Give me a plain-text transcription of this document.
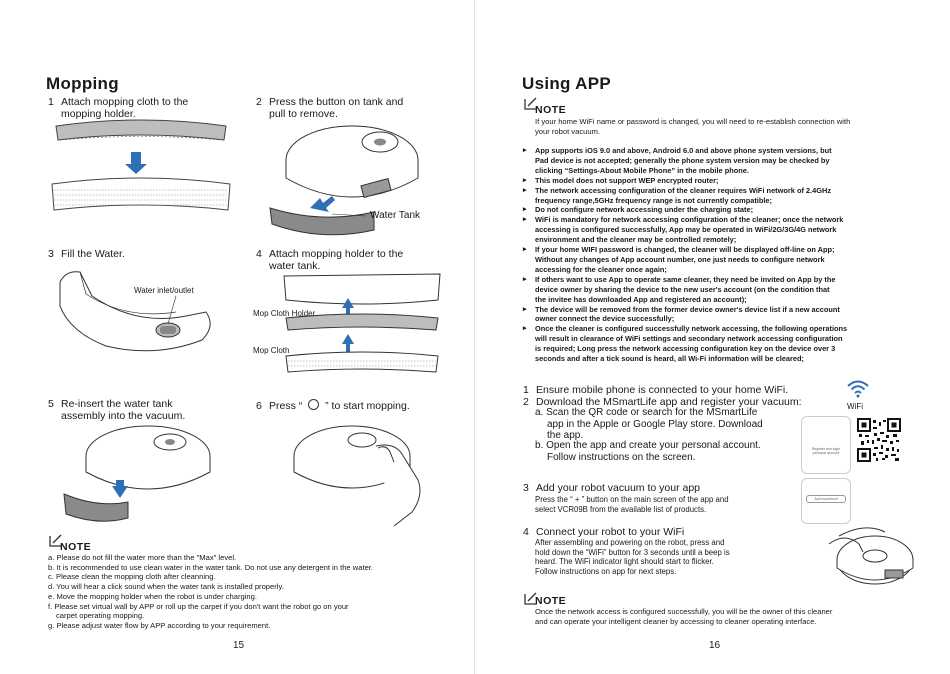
Mopping
1 Attach mopping cloth to the
mopping holder.
2 Press the button on tank and
pull to remove.
Water Tank
3 Fill the Water.
Water inlet/outlet
4 Attach mopping holder to the
water tank.
Mop Cloth Holder
Mop Cloth
5 Re-insert the water tank
assembly into the vacuum.
6 Press “ ” to start mopping.
NOTE
a. Please do not fill the water more than the "Max" level.
b. It is recommended to use clean water in the water tank. Do not use any detergent in the water.
c. Please clean the mopping cloth after cleanning.
d. You will hear a click sound when the water tank is installed properly.
e. Move the mopping holder when the robot is under charging.
f. Please set virtual wall by APP or roll up the carpet if you don't want the robot go on your
carpet operating mopping.
g. Please adjust water flow by APP according to your requirement.
15
Using APP
NOTE
If your home WiFi name or password is changed, you will need to re-establish connection with
your robot vacuum.
▸ App supports iOS 9.0 and above, Android 6.0 and above phone system versions, but
Pad device is not accepted; generally the phone system version may be checked by
clicking “Settings-About Mobile Phone” in the mobile phone.
▸ This model does not support WEP encrypted router;
▸ The network accessing configuration of the cleaner requires WiFi network of 2.4GHz
frequency range,5GHz frequency range is not currently compatible;
▸ Do not configure network accessing under the charging state;
▸ WiFi is mandatory for network accessing configuration of the cleaner; once the network
accessing is configured successfully, App may be operated in WiFi/2G/3G/4G network
environment and the cleaner may be controlled remotely;
▸ If your home WIFI password is changed, the cleaner will be displayed off-line on App;
Without any changes of App account number, one just needs to configure network
accessing for the cleaner once again;
▸ If others want to use App to operate same cleaner, they need be invited on App by the
device owner by sharing the device to the new user's account (on the condition that
the invitee has downloaded App and registered an account);
▸ The device will be removed from the former device owner's device list if a new account
owner connect the device successfully;
▸ Once the cleaner is configured successfully network accessing, the following operations
will result in clearance of WiFi settings and secondary network accessing configuration
is required; Long press the network accessing configuration key on the device over 3
seconds and after a tick sound is heard, all Wi-Fi information will be cleared;
1 Ensure mobile phone is connected to your home WiFi.
2 Download the MSmartLife app and register your vacuum:
a. Scan the QR code or search for the MSmartLife
app in the Apple or Google Play store. Download
the app.
b. Open the app and create your personal account.
Follow instructions on the screen.
WiFi
Register and login
personal account
3 Add your robot vacuum to your app
Press the “ + ” button on the main screen of the app and
select VCR09B from the available list of products.
Add household
4 Connect your robot to your WiFi
After assembling and powering on the robot, press and
hold down the “WiFi” button for 3 seconds until a beep is
heard. The WiFi indicator light should start to flicker.
Follow instructions on app for next steps.
NOTE
Once the network access is configured successfully, you will be the owner of this cleaner
and can operate your intelligent cleaner by accessing to cleaner operating interface.
16
